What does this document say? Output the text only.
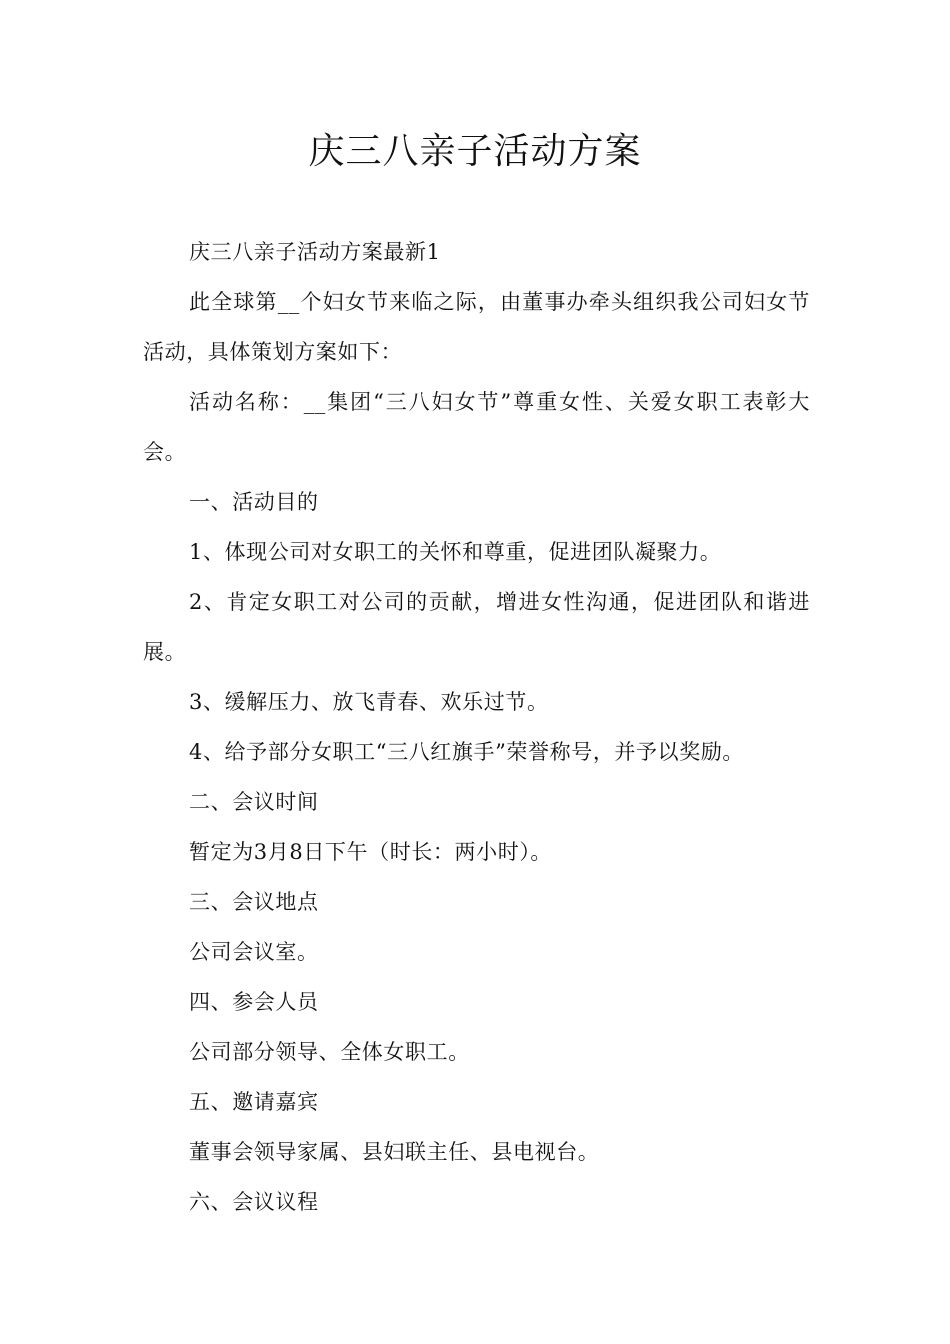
庆三八亲子活动方案

庆三八亲子活动方案最新1

此全球第__个妇女节来临之际，由董事办牵头组织我公司妇女节活动，具体策划方案如下：

活动名称：__集团“三八妇女节”尊重女性、关爱女职工表彰大会。

一、活动目的

1、体现公司对女职工的关怀和尊重，促进团队凝聚力。

2、肯定女职工对公司的贡献，增进女性沟通，促进团队和谐进展。

3、缓解压力、放飞青春、欢乐过节。

4、给予部分女职工“三八红旗手”荣誉称号，并予以奖励。

二、会议时间

暂定为3月8日下午（时长：两小时）。

三、会议地点

公司会议室。

四、参会人员

公司部分领导、全体女职工。

五、邀请嘉宾

董事会领导家属、县妇联主任、县电视台。

六、会议议程
